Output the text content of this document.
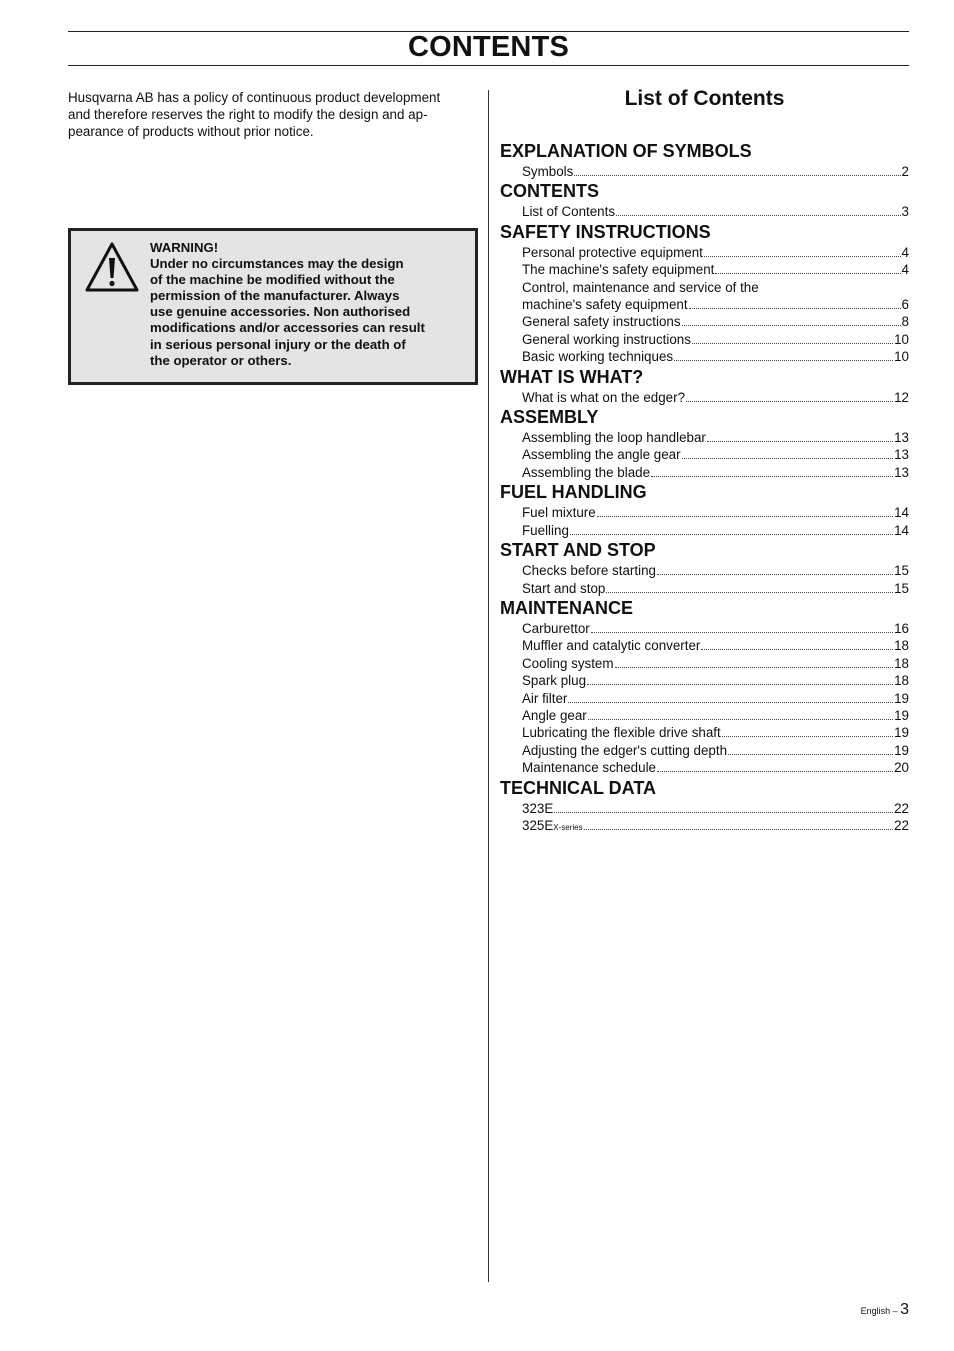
CONTENTS
Husqvarna AB has a policy of continuous product development
and therefore reserves the right to modify the design and ap-
pearance of products without prior notice.
WARNING!
Under no circumstances may the design
of the machine be modified without the
permission of the manufacturer. Always
use genuine accessories. Non authorised
modifications and/or accessories can result
in serious personal injury or the death of
the operator or others.
List of Contents
EXPLANATION OF SYMBOLS
Symbols	2
CONTENTS
List of Contents	3
SAFETY INSTRUCTIONS
Personal protective equipment	4
The machine's safety equipment	4
Control, maintenance and service of the
machine's safety equipment	6
General safety instructions	8
General working instructions	10
Basic working techniques	10
WHAT IS WHAT?
What is what on the edger?	12
ASSEMBLY
Assembling the loop handlebar	13
Assembling the angle gear	13
Assembling the blade	13
FUEL HANDLING
Fuel mixture	14
Fuelling	14
START AND STOP
Checks before starting	15
Start and stop	15
MAINTENANCE
Carburettor	16
Muffler and catalytic converter	18
Cooling system	18
Spark plug	18
Air filter	19
Angle gear	19
Lubricating the flexible drive shaft	19
Adjusting the edger's cutting depth	19
Maintenance schedule	20
TECHNICAL DATA
323E	22
325E X-series	22
English – 3
